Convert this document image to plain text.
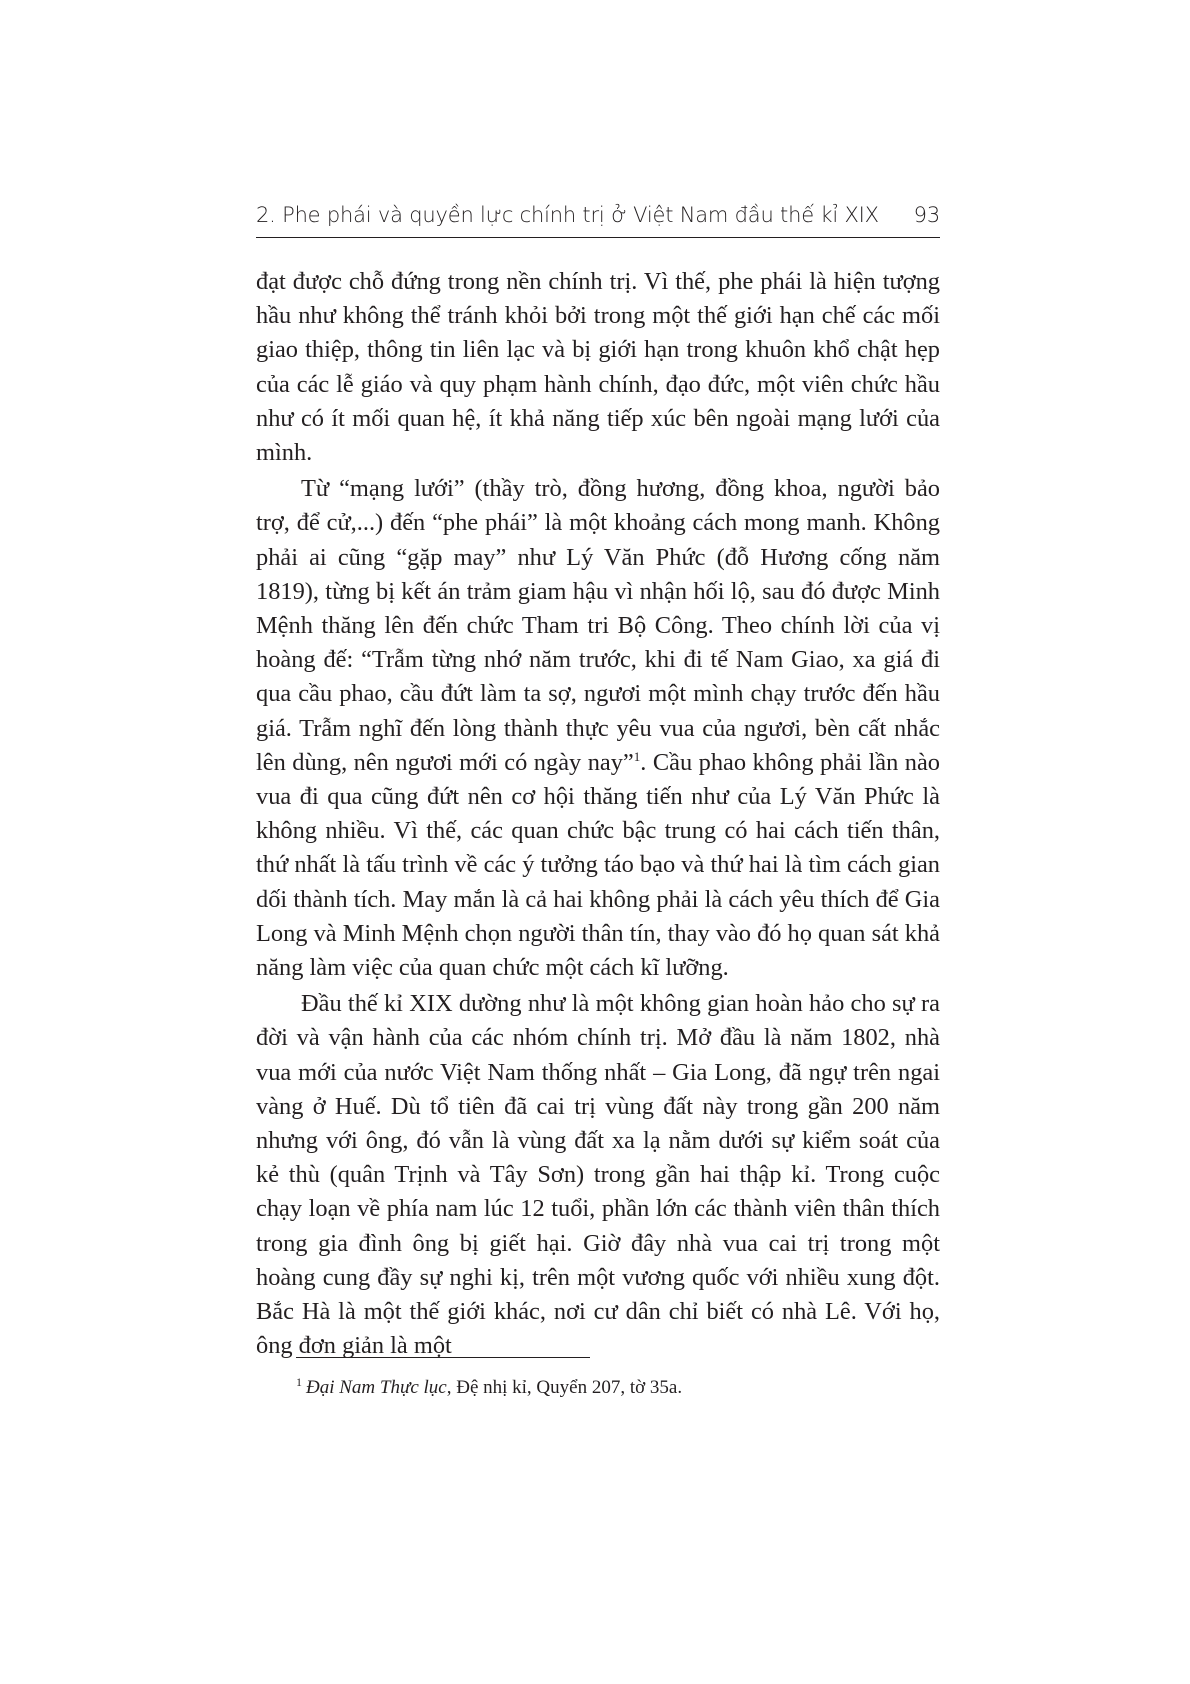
2. Phe phái và quyền lực chính trị ở Việt Nam đầu thế kỉ XIX 93

đạt được chỗ đứng trong nền chính trị. Vì thế, phe phái là hiện tượng hầu như không thể tránh khỏi bởi trong một thế giới hạn chế các mối giao thiệp, thông tin liên lạc và bị giới hạn trong khuôn khổ chật hẹp của các lễ giáo và quy phạm hành chính, đạo đức, một viên chức hầu như có ít mối quan hệ, ít khả năng tiếp xúc bên ngoài mạng lưới của mình.

Từ “mạng lưới” (thầy trò, đồng hương, đồng khoa, người bảo trợ, để cử,...) đến “phe phái” là một khoảng cách mong manh. Không phải ai cũng “gặp may” như Lý Văn Phức (đỗ Hương cống năm 1819), từng bị kết án trảm giam hậu vì nhận hối lộ, sau đó được Minh Mệnh thăng lên đến chức Tham tri Bộ Công. Theo chính lời của vị hoàng đế: “Trẫm từng nhớ năm trước, khi đi tế Nam Giao, xa giá đi qua cầu phao, cầu đứt làm ta sợ, ngươi một mình chạy trước đến hầu giá. Trẫm nghĩ đến lòng thành thực yêu vua của ngươi, bèn cất nhắc lên dùng, nên ngươi mới có ngày nay”$^1$. Cầu phao không phải lần nào vua đi qua cũng đứt nên cơ hội thăng tiến như của Lý Văn Phức là không nhiều. Vì thế, các quan chức bậc trung có hai cách tiến thân, thứ nhất là tấu trình về các ý tưởng táo bạo và thứ hai là tìm cách gian dối thành tích. May mắn là cả hai không phải là cách yêu thích để Gia Long và Minh Mệnh chọn người thân tín, thay vào đó họ quan sát khả năng làm việc của quan chức một cách kĩ lưỡng.

Đầu thế kỉ XIX dường như là một không gian hoàn hảo cho sự ra đời và vận hành của các nhóm chính trị. Mở đầu là năm 1802, nhà vua mới của nước Việt Nam thống nhất – Gia Long, đã ngự trên ngai vàng ở Huế. Dù tổ tiên đã cai trị vùng đất này trong gần 200 năm nhưng với ông, đó vẫn là vùng đất xa lạ nằm dưới sự kiểm soát của kẻ thù (quân Trịnh và Tây Sơn) trong gần hai thập kỉ. Trong cuộc chạy loạn về phía nam lúc 12 tuổi, phần lớn các thành viên thân thích trong gia đình ông bị giết hại. Giờ đây nhà vua cai trị trong một hoàng cung đầy sự nghi kị, trên một vương quốc với nhiều xung đột. Bắc Hà là một thế giới khác, nơi cư dân chỉ biết có nhà Lê. Với họ, ông đơn giản là một

$^1$ Đại Nam Thực lục, Đệ nhị kỉ, Quyển 207, tờ 35a.
